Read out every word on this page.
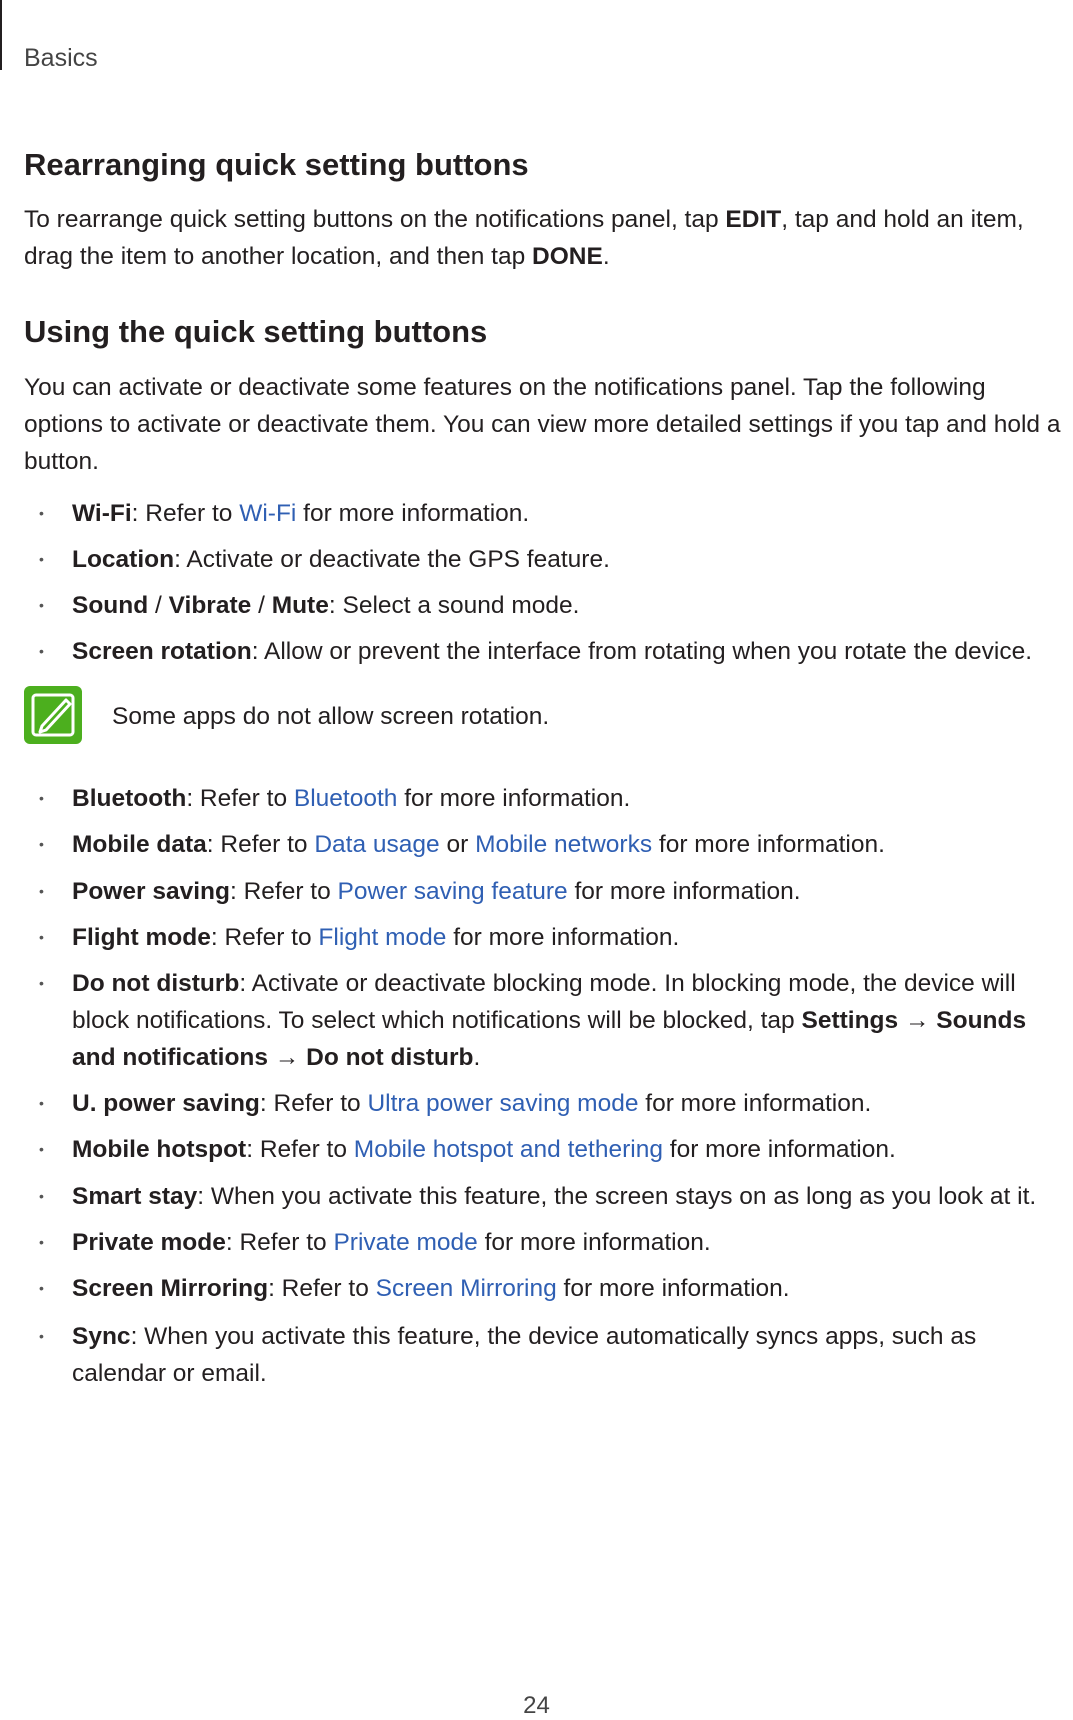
Basics
Rearranging quick setting buttons

To rearrange quick setting buttons on the notifications panel, tap EDIT, tap and hold an item, drag the item to another location, and then tap DONE.

Using the quick setting buttons

You can activate or deactivate some features on the notifications panel. Tap the following options to activate or deactivate them. You can view more detailed settings if you tap and hold a button.

• Wi-Fi: Refer to Wi-Fi for more information.
• Location: Activate or deactivate the GPS feature.
• Sound / Vibrate / Mute: Select a sound mode.
• Screen rotation: Allow or prevent the interface from rotating when you rotate the device.
Some apps do not allow screen rotation.
• Bluetooth: Refer to Bluetooth for more information.
• Mobile data: Refer to Data usage or Mobile networks for more information.
• Power saving: Refer to Power saving feature for more information.
• Flight mode: Refer to Flight mode for more information.
• Do not disturb: Activate or deactivate blocking mode. In blocking mode, the device will block notifications. To select which notifications will be blocked, tap Settings → Sounds and notifications → Do not disturb.
• U. power saving: Refer to Ultra power saving mode for more information.
• Mobile hotspot: Refer to Mobile hotspot and tethering for more information.
• Smart stay: When you activate this feature, the screen stays on as long as you look at it.
• Private mode: Refer to Private mode for more information.
• Screen Mirroring: Refer to Screen Mirroring for more information.
• Sync: When you activate this feature, the device automatically syncs apps, such as calendar or email.
24
